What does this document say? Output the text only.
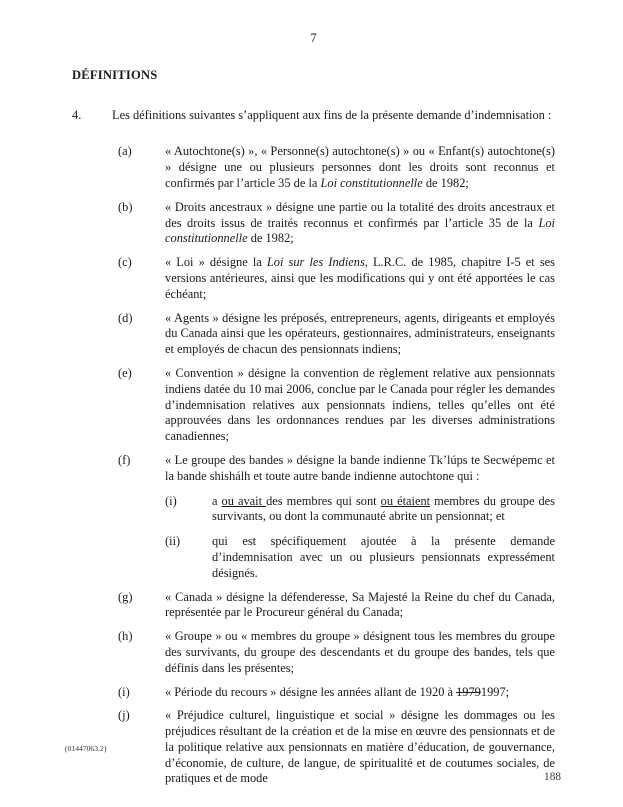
7
DÉFINITIONS
4.	Les définitions suivantes s’appliquent aux fins de la présente demande d’indemnisation :
(a)	« Autochtone(s) », « Personne(s) autochtone(s) » ou « Enfant(s) autochtone(s) » désigne une ou plusieurs personnes dont les droits sont reconnus et confirmés par l’article 35 de la Loi constitutionnelle de 1982;
(b)	« Droits ancestraux » désigne une partie ou la totalité des droits ancestraux et des droits issus de traités reconnus et confirmés par l’article 35 de la Loi constitutionnelle de 1982;
(c)	« Loi » désigne la Loi sur les Indiens, L.R.C. de 1985, chapitre I-5 et ses versions antérieures, ainsi que les modifications qui y ont été apportées le cas échéant;
(d)	« Agents » désigne les préposés, entrepreneurs, agents, dirigeants et employés du Canada ainsi que les opérateurs, gestionnaires, administrateurs, enseignants et employés de chacun des pensionnats indiens;
(e)	« Convention » désigne la convention de règlement relative aux pensionnats indiens datée du 10 mai 2006, conclue par le Canada pour régler les demandes d’indemnisation relatives aux pensionnats indiens, telles qu’elles ont été approuvées dans les ordonnances rendues par les diverses administrations canadiennes;
(f)	« Le groupe des bandes » désigne la bande indienne Tk’lúps te Secwépemc et la bande shishálh et toute autre bande indienne autochtone qui :
(i)	a ou avait des membres qui sont ou étaient membres du groupe des survivants, ou dont la communauté abrite un pensionnat; et
(ii)	qui est spécifiquement ajoutée à la présente demande d’indemnisation avec un ou plusieurs pensionnats expressément désignés.
(g)	« Canada » désigne la défenderesse, Sa Majesté la Reine du chef du Canada, représentée par le Procureur général du Canada;
(h)	« Groupe » ou « membres du groupe » désignent tous les membres du groupe des survivants, du groupe des descendants et du groupe des bandes, tels que définis dans les présentes;
(i)	« Période du recours » désigne les années allant de 1920 à 19791997;
(j)	« Préjudice culturel, linguistique et social » désigne les dommages ou les préjudices résultant de la création et de la mise en œuvre des pensionnats et de la politique relative aux pensionnats en matière d’éducation, de gouvernance, d’économie, de culture, de langue, de spiritualité et de coutumes sociales, de pratiques et de mode
{01447063.2}
188
